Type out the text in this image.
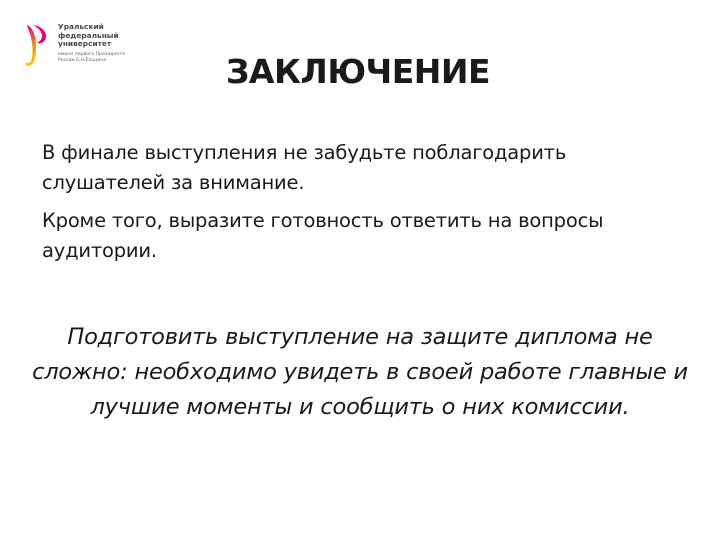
Уральский
федеральный
университет
имени первого Президента
России Б.Н.Ельцина	ЗАКЛЮЧЕНИЕ

В финале выступления не забудьте поблагодарить слушателей за внимание.

Кроме того, выразите готовность ответить на вопросы аудитории.

Подготовить выступление на защите диплома не сложно: необходимо увидеть в своей работе главные и лучшие моменты и сообщить о них комиссии.
